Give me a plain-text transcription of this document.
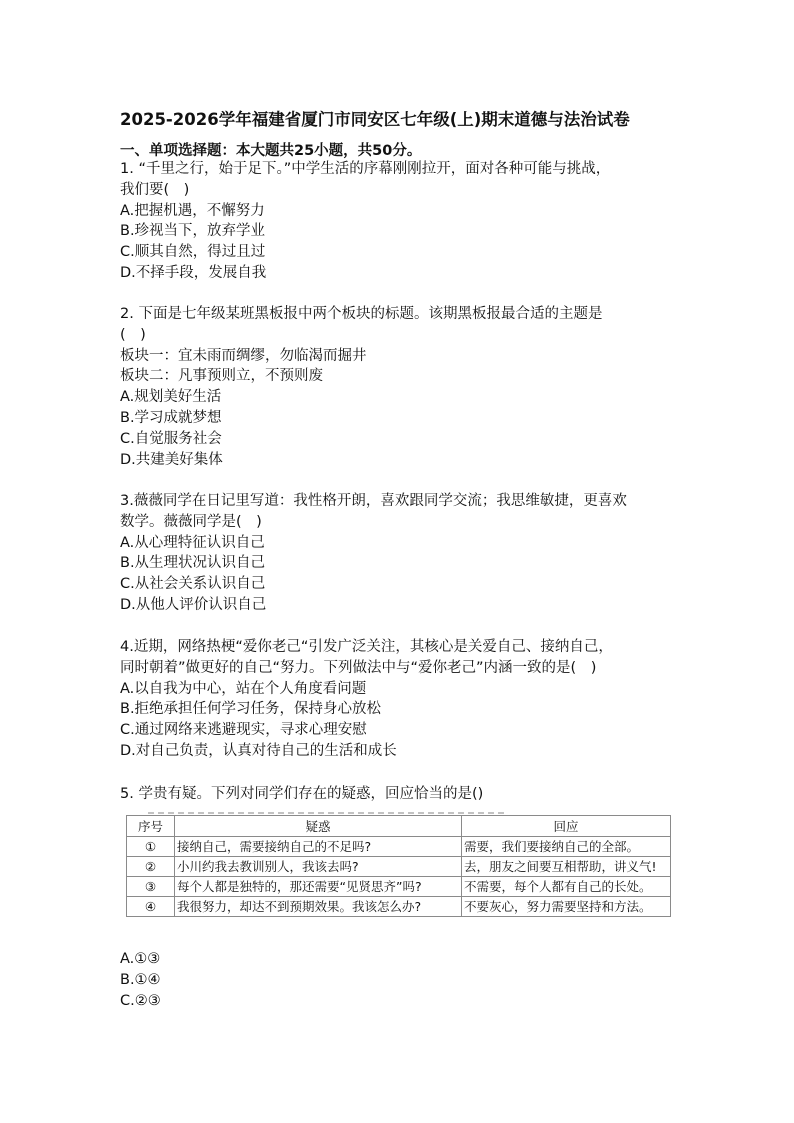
2025-2026学年福建省厦门市同安区七年级(上)期末道德与法治试卷
一、单项选择题：本大题共25小题，共50分。

1. “千里之行，始于足下。”中学生活的序幕刚刚拉开，面对各种可能与挑战，

我们要(　)

A.把握机遇，不懈努力

B.珍视当下，放弃学业

C.顺其自然，得过且过

D.不择手段，发展自我

2. 下面是七年级某班黑板报中两个板块的标题。该期黑板报最合适的主题是

(　)

板块一：宜未雨而绸缪，勿临渴而掘井

板块二：凡事预则立，不预则废

A.规划美好生活

B.学习成就梦想

C.自觉服务社会

D.共建美好集体

3.薇薇同学在日记里写道：我性格开朗，喜欢跟同学交流；我思维敏捷，更喜欢

数学。薇薇同学是(　)

A.从心理特征认识自己

B.从生理状况认识自己

C.从社会关系认识自己

D.从他人评价认识自己

4.近期，网络热梗“爱你老己“引发广泛关注，其核心是关爱自己、接纳自己，

同时朝着”做更好的自己“努力。下列做法中与“爱你老己”内涵一致的是(　)

A.以自我为中心，站在个人角度看问题

B.拒绝承担任何学习任务，保持身心放松

C.通过网络来逃避现实，寻求心理安慰

D.对自己负责，认真对待自己的生活和成长

5. 学贵有疑。下列对同学们存在的疑惑，回应恰当的是()

序号	疑惑	回应
①	接纳自己，需要接纳自己的不足吗?	需要，我们要接纳自己的全部。
②	小川约我去教训别人，我该去吗?	去，朋友之间要互相帮助，讲义气!
③	每个人都是独特的，那还需要“见贤思齐”吗?	不需要，每个人都有自己的长处。
④	我很努力，却达不到预期效果。我该怎么办?	不要灰心，努力需要坚持和方法。

A.①③

B.①④

C.②③
